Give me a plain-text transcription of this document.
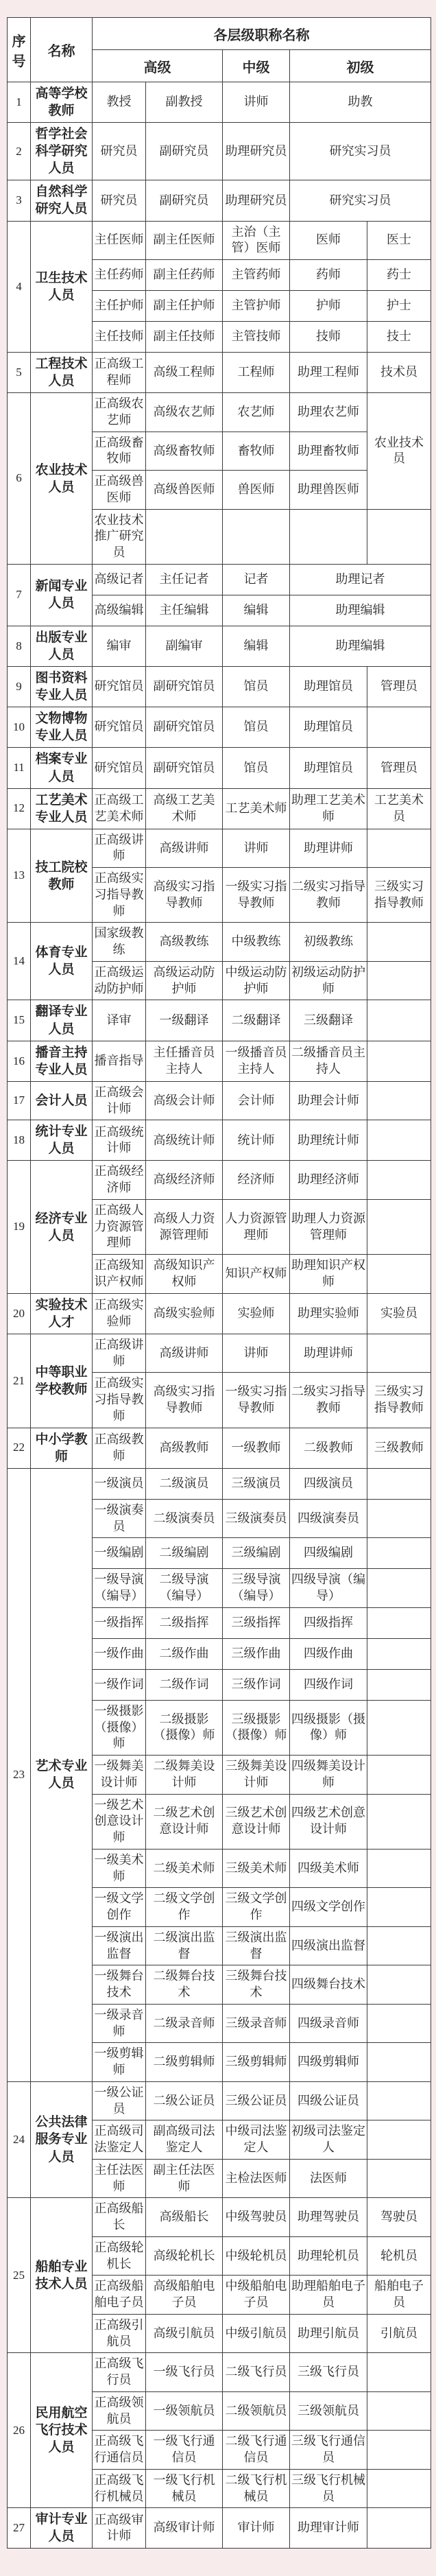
序号	名称	各层级职称名称				
		高级		中级	初级	
1	高等学校教师	教授	副教授	讲师	助教	
2	哲学社会科学研究人员	研究员	副研究员	助理研究员	研究实习员	
3	自然科学研究人员	研究员	副研究员	助理研究员	研究实习员	
4	卫生技术人员	主任医师	副主任医师	主治（主管）医师	医师	医士
		主任药师	副主任药师	主管药师	药师	药士
		主任护师	副主任护师	主管护师	护师	护士
		主任技师	副主任技师	主管技师	技师	技士
5	工程技术人员	正高级工程师	高级工程师	工程师	助理工程师	技术员
6	农业技术人员	正高级农艺师	高级农艺师	农艺师	助理农艺师	农业技术员
		正高级畜牧师	高级畜牧师	畜牧师	助理畜牧师	
		正高级兽医师	高级兽医师	兽医师	助理兽医师	
		农业技术推广研究员				
7	新闻专业人员	高级记者	主任记者	记者	助理记者	
		高级编辑	主任编辑	编辑	助理编辑	
8	出版专业人员	编审	副编审	编辑	助理编辑	
9	图书资料专业人员	研究馆员	副研究馆员	馆员	助理馆员	管理员
10	文物博物专业人员	研究馆员	副研究馆员	馆员	助理馆员	
11	档案专业人员	研究馆员	副研究馆员	馆员	助理馆员	管理员
12	工艺美术专业人员	正高级工艺美术师	高级工艺美术师	工艺美术师	助理工艺美术师	工艺美术员
13	技工院校教师	正高级讲师	高级讲师	讲师	助理讲师	
		正高级实习指导教师	高级实习指导教师	一级实习指导教师	二级实习指导教师	三级实习指导教师
14	体育专业人员	国家级教练	高级教练	中级教练	初级教练	
		正高级运动防护师	高级运动防护师	中级运动防护师	初级运动防护师	
15	翻译专业人员	译审	一级翻译	二级翻译	三级翻译	
16	播音主持专业人员	播音指导	主任播音员主持人	一级播音员主持人	二级播音员主持人	
17	会计人员	正高级会计师	高级会计师	会计师	助理会计师	
18	统计专业人员	正高级统计师	高级统计师	统计师	助理统计师	
19	经济专业人员	正高级经济师	高级经济师	经济师	助理经济师	
		正高级人力资源管理师	高级人力资源管理师	人力资源管理师	助理人力资源管理师	
		正高级知识产权师	高级知识产权师	知识产权师	助理知识产权师	
20	实验技术人才	正高级实验师	高级实验师	实验师	助理实验师	实验员
21	中等职业学校教师	正高级讲师	高级讲师	讲师	助理讲师	
		正高级实习指导教师	高级实习指导教师	一级实习指导教师	二级实习指导教师	三级实习指导教师
22	中小学教师	正高级教师	高级教师	一级教师	二级教师	三级教师
23	艺术专业人员	一级演员	二级演员	三级演员	四级演员	
		一级演奏员	二级演奏员	三级演奏员	四级演奏员	
		一级编剧	二级编剧	三级编剧	四级编剧	
		一级导演（编导）	二级导演（编导）	三级导演（编导）	四级导演（编导）	
		一级指挥	二级指挥	三级指挥	四级指挥	
		一级作曲	二级作曲	三级作曲	四级作曲	
		一级作词	二级作词	三级作词	四级作词	
		一级摄影（摄像）师	二级摄影（摄像）师	三级摄影（摄像）师	四级摄影（摄像）师	
		一级舞美设计师	二级舞美设计师	三级舞美设计师	四级舞美设计师	
		一级艺术创意设计师	二级艺术创意设计师	三级艺术创意设计师	四级艺术创意设计师	
		一级美术师	二级美术师	三级美术师	四级美术师	
		一级文学创作	二级文学创作	三级文学创作	四级文学创作	
		一级演出监督	二级演出监督	三级演出监督	四级演出监督	
		一级舞台技术	二级舞台技术	三级舞台技术	四级舞台技术	
		一级录音师	二级录音师	三级录音师	四级录音师	
		一级剪辑师	二级剪辑师	三级剪辑师	四级剪辑师	
24	公共法律服务专业人员	一级公证员	二级公证员	三级公证员	四级公证员	
		正高级司法鉴定人	副高级司法鉴定人	中级司法鉴定人	初级司法鉴定人	
		主任法医师	副主任法医师	主检法医师	法医师	
25	船舶专业技术人员	正高级船长	高级船长	中级驾驶员	助理驾驶员	驾驶员
		正高级轮机长	高级轮机长	中级轮机员	助理轮机员	轮机员
		正高级船舶电子员	高级船舶电子员	中级船舶电子员	助理船舶电子员	船舶电子员
		正高级引航员	高级引航员	中级引航员	助理引航员	引航员
26	民用航空飞行技术人员	正高级飞行员	一级飞行员	二级飞行员	三级飞行员	
		正高级领航员	一级领航员	二级领航员	三级领航员	
		正高级飞行通信员	一级飞行通信员	二级飞行通信员	三级飞行通信员	
		正高级飞行机械员	一级飞行机械员	二级飞行机械员	三级飞行机械员	
27	审计专业人员	正高级审计师	高级审计师	审计师	助理审计师	
